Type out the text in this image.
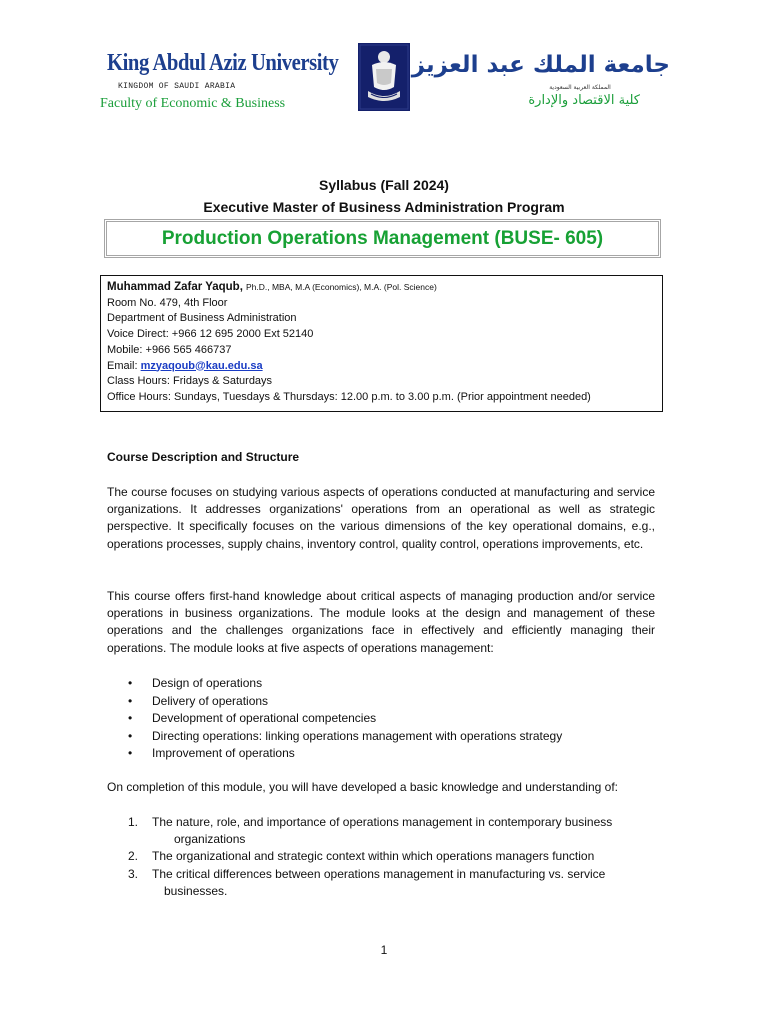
King Abdul Aziz University
KINGDOM OF SAUDI ARABIA
Faculty of Economic & Business
جامعة الملك عبد العزيز
المملكة العربية السعودية
كلية الاقتصاد والإدارة
Syllabus (Fall 2024)
Executive Master of Business Administration Program
Production Operations Management (BUSE- 605)
Muhammad Zafar Yaqub, Ph.D., MBA, M.A (Economics), M.A. (Pol. Science)
Room No. 479, 4th Floor
Department of Business Administration
Voice Direct: +966 12 695 2000 Ext 52140
Mobile: +966 565 466737
Email: mzyaqoub@kau.edu.sa
Class Hours: Fridays & Saturdays
Office Hours: Sundays, Tuesdays & Thursdays: 12.00 p.m. to 3.00 p.m. (Prior appointment needed)
Course Description and Structure

The course focuses on studying various aspects of operations conducted at manufacturing and service organizations. It addresses organizations' operations from an operational as well as strategic perspective. It specifically focuses on the various dimensions of the key operational domains, e.g., operations processes, supply chains, inventory control, quality control, operations improvements, etc.

This course offers first-hand knowledge about critical aspects of managing production and/or service operations in business organizations. The module looks at the design and management of these operations and the challenges organizations face in effectively and efficiently managing their operations. The module looks at five aspects of operations management:

• Design of operations
• Delivery of operations
• Development of operational competencies
• Directing operations: linking operations management with operations strategy
• Improvement of operations

On completion of this module, you will have developed a basic knowledge and understanding of:

1. The nature, role, and importance of operations management in contemporary business
organizations
2. The organizational and strategic context within which operations managers function
3. The critical differences between operations management in manufacturing vs. service
businesses.
1
